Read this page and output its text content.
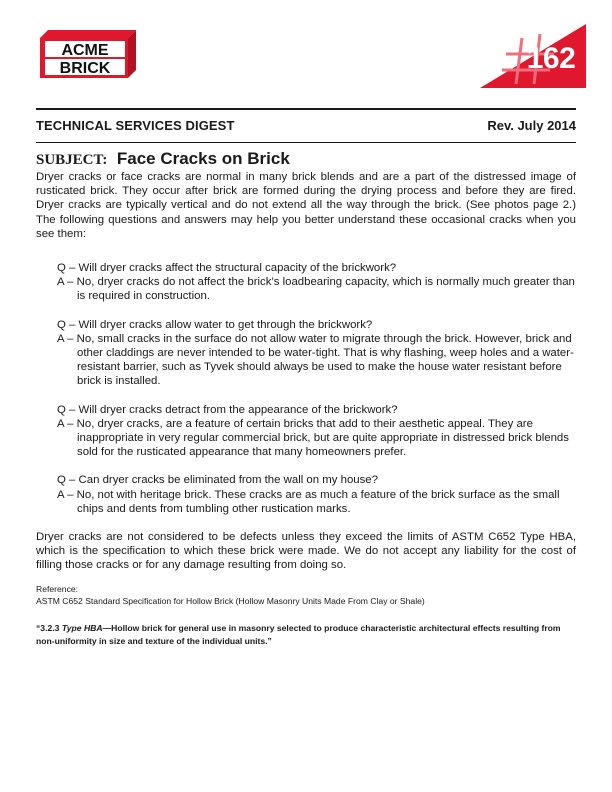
ACME
BRICK	162
TECHNICAL SERVICES DIGEST	Rev. July 2014
SUBJECT: Face Cracks on Brick

Dryer cracks or face cracks are normal in many brick blends and are a part of the distressed image of rusticated brick. They occur after brick are formed during the drying process and before they are fired. Dryer cracks are typically vertical and do not extend all the way through the brick. (See photos page 2.) The following questions and answers may help you better understand these occasional cracks when you see them:

Q – Will dryer cracks affect the structural capacity of the brickwork?

A – No, dryer cracks do not affect the brick’s loadbearing capacity, which is normally much greater than is required in construction.

Q – Will dryer cracks allow water to get through the brickwork?

A – No, small cracks in the surface do not allow water to migrate through the brick. However, brick and other claddings are never intended to be water-tight. That is why flashing, weep holes and a water-resistant barrier, such as Tyvek should always be used to make the house water resistant before brick is installed.

Q – Will dryer cracks detract from the appearance of the brickwork?

A – No, dryer cracks, are a feature of certain bricks that add to their aesthetic appeal. They are inappropriate in very regular commercial brick, but are quite appropriate in distressed brick blends sold for the rusticated appearance that many homeowners prefer.

Q – Can dryer cracks be eliminated from the wall on my house?

A – No, not with heritage brick. These cracks are as much a feature of the brick surface as the small chips and dents from tumbling other rustication marks.

Dryer cracks are not considered to be defects unless they exceed the limits of ASTM C652 Type HBA, which is the specification to which these brick were made. We do not accept any liability for the cost of filling those cracks or for any damage resulting from doing so.

Reference:

ASTM C652 Standard Specification for Hollow Brick (Hollow Masonry Units Made From Clay or Shale)

“3.2.3 Type HBA—Hollow brick for general use in masonry selected to produce characteristic architectural effects resulting from non-uniformity in size and texture of the individual units.”
